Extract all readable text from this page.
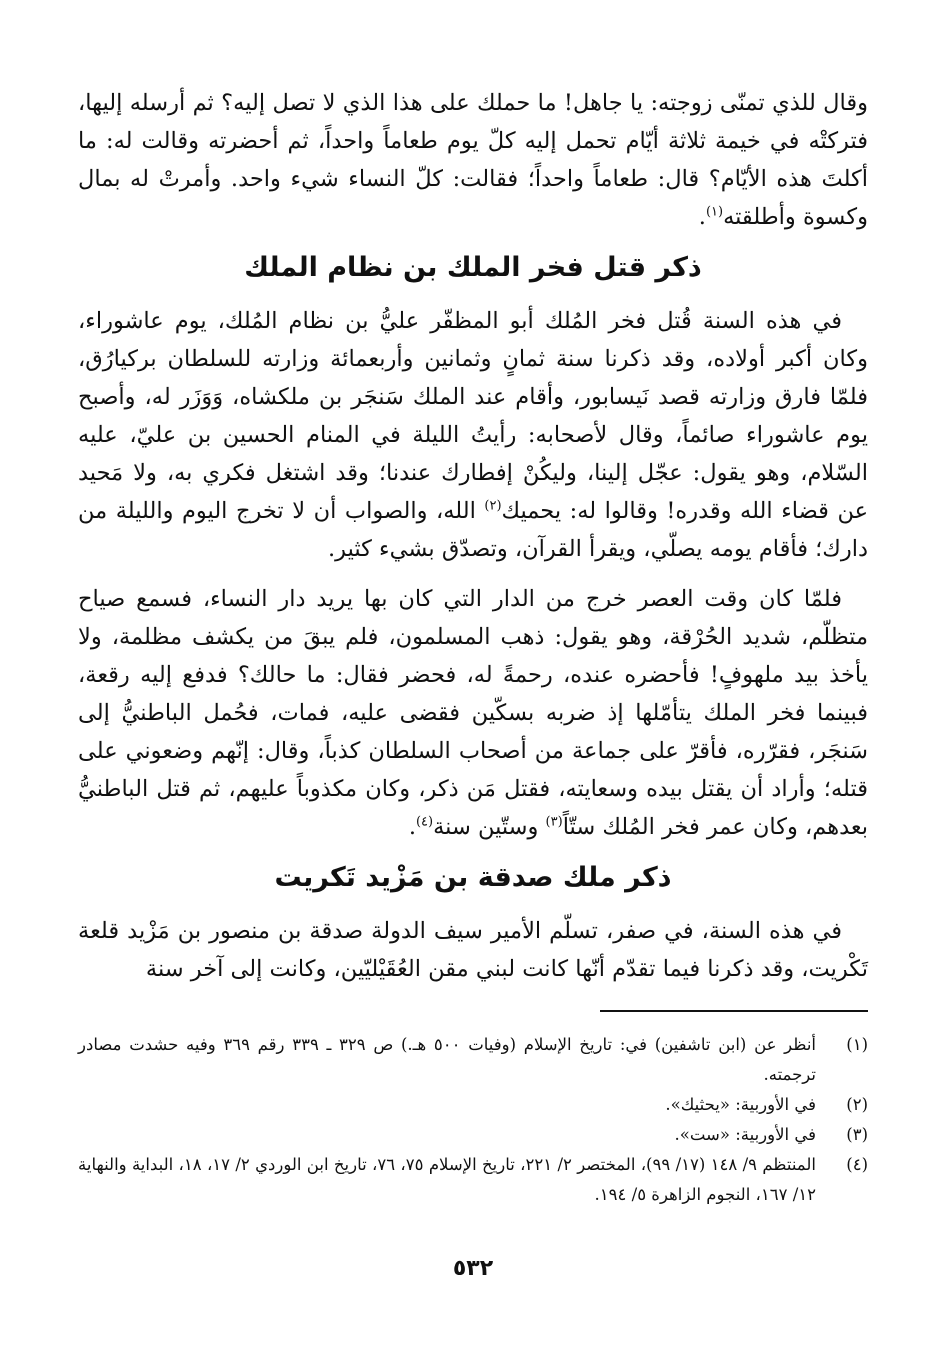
وقال للذي تمنّى زوجته: يا جاهل! ما حملك على هذا الذي لا تصل إليه؟ ثم أرسله إليها، فتركتْه في خيمة ثلاثة أيّام تحمل إليه كلّ يوم طعاماً واحداً، ثم أحضرته وقالت له: ما أكلتَ هذه الأيّام؟ قال: طعاماً واحداً؛ فقالت: كلّ النساء شيء واحد. وأمرتْ له بمال وكسوة وأطلقته$^{(١)}$.

ذكر قتل فخر الملك بن نظام الملك

في هذه السنة قُتل فخر المُلك أبو المظفّر عليُّ بن نظام المُلك، يوم عاشوراء، وكان أكبر أولاده، وقد ذكرنا سنة ثمانٍ وثمانين وأربعمائة وزارته للسلطان بركيارُق، فلمّا فارق وزارته قصد نَيسابور، وأقام عند الملك سَنجَر بن ملكشاه، وَوَزَر له، وأصبح يوم عاشوراء صائماً، وقال لأصحابه: رأيتُ الليلة في المنام الحسين بن عليّ، عليه السّلام، وهو يقول: عجّل إلينا، وليكُنْ إفطارك عندنا؛ وقد اشتغل فكري به، ولا مَحيد عن قضاء الله وقدره! وقالوا له: يحميك$^{(٢)}$ الله، والصواب أن لا تخرج اليوم والليلة من دارك؛ فأقام يومه يصلّي، ويقرأ القرآن، وتصدّق بشيء كثير.

فلمّا كان وقت العصر خرج من الدار التي كان بها يريد دار النساء، فسمع صياح متظلّم، شديد الحُرْقة، وهو يقول: ذهب المسلمون، فلم يبقَ من يكشف مظلمة، ولا يأخذ بيد ملهوفٍ! فأحضره عنده، رحمةً له، فحضر فقال: ما حالك؟ فدفع إليه رقعة، فبينما فخر الملك يتأمّلها إذ ضربه بسكّين فقضى عليه، فمات، فحُمل الباطنيُّ إلى سَنجَر، فقرّره، فأقرّ على جماعة من أصحاب السلطان كذباً، وقال: إنّهم وضعوني على قتله؛ وأراد أن يقتل بيده وسعايته، فقتل مَن ذكر، وكان مكذوباً عليهم، ثم قتل الباطنيُّ بعدهم، وكان عمر فخر المُلك ستّاً$^{(٣)}$ وستّين سنة$^{(٤)}$.

ذكر ملك صدقة بن مَزْيد تَكريت

في هذه السنة، في صفر، تسلّم الأمير سيف الدولة صدقة بن منصور بن مَزْيد قلعة تَكْريت، وقد ذكرنا فيما تقدّم أنّها كانت لبني مقن العُقَيْليّين، وكانت إلى آخر سنة

(١)
أنظر عن (ابن تاشفين) في: تاريخ الإسلام (وفيات ٥٠٠ هـ.) ص ٣٢٩ ـ ٣٣٩ رقم ٣٦٩ وفيه حشدت مصادر ترجمته.
(٢)
في الأوربية: «يحثيك».
(٣)
في الأوربية: «ست».
(٤)
المنتظم ٩/ ١٤٨ (١٧/ ٩٩)، المختصر ٢/ ٢٢١، تاريخ الإسلام ٧٥، ٧٦، تاريخ ابن الوردي ٢/ ١٧، ١٨، البداية والنهاية ١٢/ ١٦٧، النجوم الزاهرة ٥/ ١٩٤.
٥٣٢
